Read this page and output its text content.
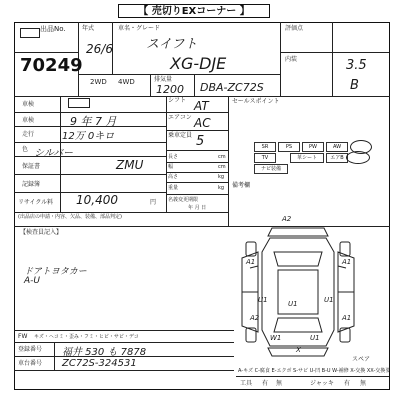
【 売切りEXコーナー 】
出品No.
70249
年式
26/6
車名・グレード
スイフト
XG-DJE
評価点
3.5
内装
B
2WD 4WD	排気量
1200 DBA-ZC72S
車検
9 年 7 月
車検
走行	12万 0キロ
色 シルバー
保証書	ZMU
記録簿
リサイクル料 10,400	円
(出品店の申請・内容、欠品、装備、部品判定)
シフト AT
エアコン AC
乗車定員 5
長さ	cm
幅	cm
高さ	kg
重量	kg
名義変更期限
年 月 日
セールスポイント
SR	PS	PW	AW
TV	革シート	エアB
ナビ装備
備考欄
【検査員記入】
ドアトヨタカー
A-U
A2
A1	A1
U1	U1
A2	A1
U1
W1	U1
X
スペア
FW キズ・ヘコミ・歪み・フミ・ヒビ・サビ・デコ
登録番号 福井 530 も 7878
車台番号 ZC72S-324531
A-キズ C-腐食 E-エクボ S-サビ U-凹 B-U W-補修 X-交換 XX-交換要
工具 有 無	ジャッキ 有 無
